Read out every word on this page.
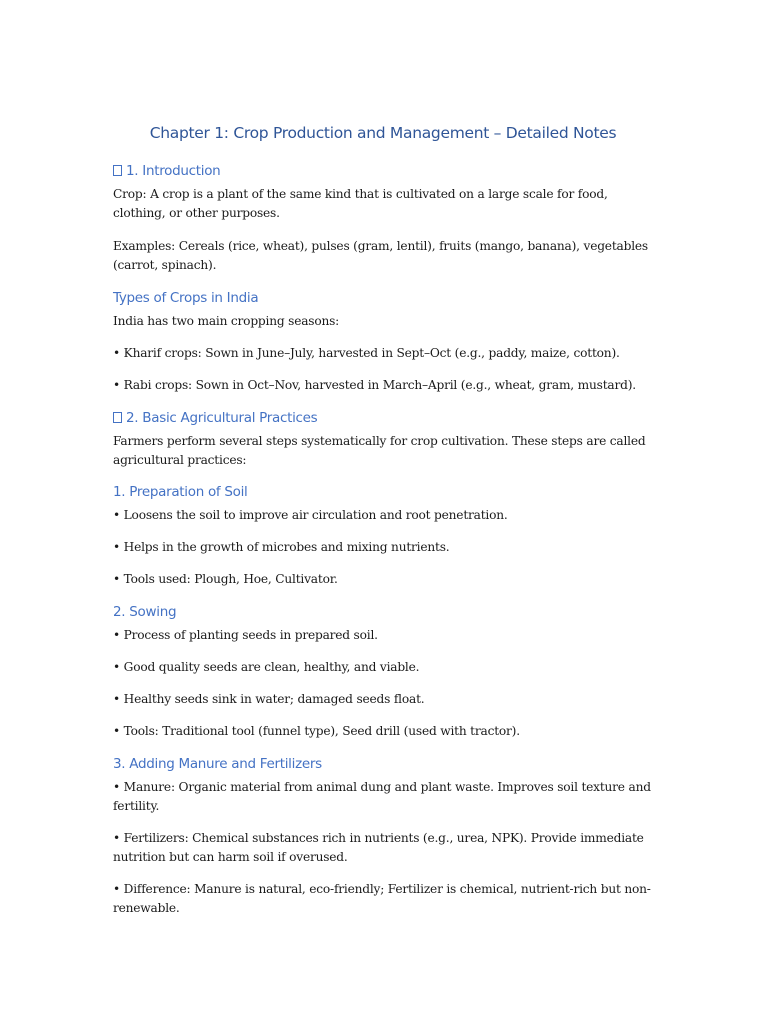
Chapter 1: Crop Production and Management – Detailed Notes
1. Introduction
Crop: A crop is a plant of the same kind that is cultivated on a large scale for food, clothing, or other purposes.
Examples: Cereals (rice, wheat), pulses (gram, lentil), fruits (mango, banana), vegetables (carrot, spinach).
Types of Crops in India
India has two main cropping seasons:
• Kharif crops: Sown in June–July, harvested in Sept–Oct (e.g., paddy, maize, cotton).
• Rabi crops: Sown in Oct–Nov, harvested in March–April (e.g., wheat, gram, mustard).
2. Basic Agricultural Practices
Farmers perform several steps systematically for crop cultivation. These steps are called agricultural practices:
1. Preparation of Soil
• Loosens the soil to improve air circulation and root penetration.
• Helps in the growth of microbes and mixing nutrients.
• Tools used: Plough, Hoe, Cultivator.
2. Sowing
• Process of planting seeds in prepared soil.
• Good quality seeds are clean, healthy, and viable.
• Healthy seeds sink in water; damaged seeds float.
• Tools: Traditional tool (funnel type), Seed drill (used with tractor).
3. Adding Manure and Fertilizers
• Manure: Organic material from animal dung and plant waste. Improves soil texture and fertility.
• Fertilizers: Chemical substances rich in nutrients (e.g., urea, NPK). Provide immediate nutrition but can harm soil if overused.
• Difference: Manure is natural, eco-friendly; Fertilizer is chemical, nutrient-rich but non-renewable.
